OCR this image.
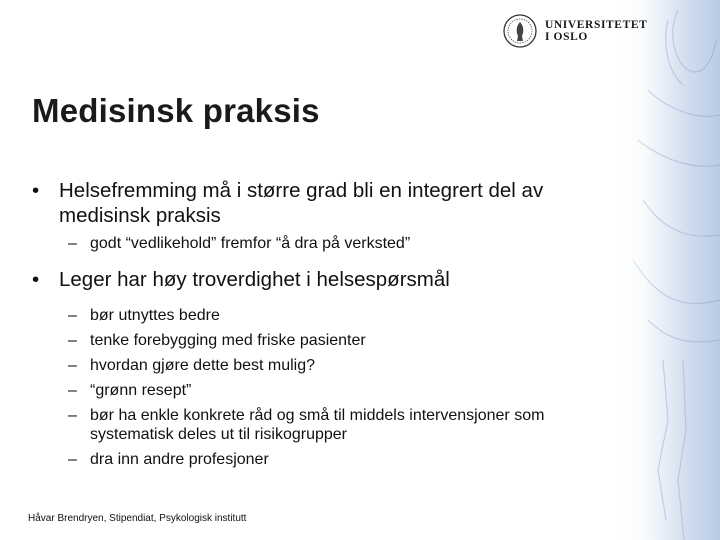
UNIVERSITETET
I OSLO
Medisinsk praksis
• Helsefremming må i større grad bli en integrert del av medisinsk praksis
– godt “vedlikehold” fremfor “å dra på verksted”
• Leger har høy troverdighet i helsespørsmål
– bør utnyttes bedre
– tenke forebygging med friske pasienter
– hvordan gjøre dette best mulig?
– “grønn resept”
– bør ha enkle konkrete råd og små til middels intervensjoner som systematisk deles ut til risikogrupper
– dra inn andre profesjoner
Håvar Brendryen, Stipendiat, Psykologisk institutt
